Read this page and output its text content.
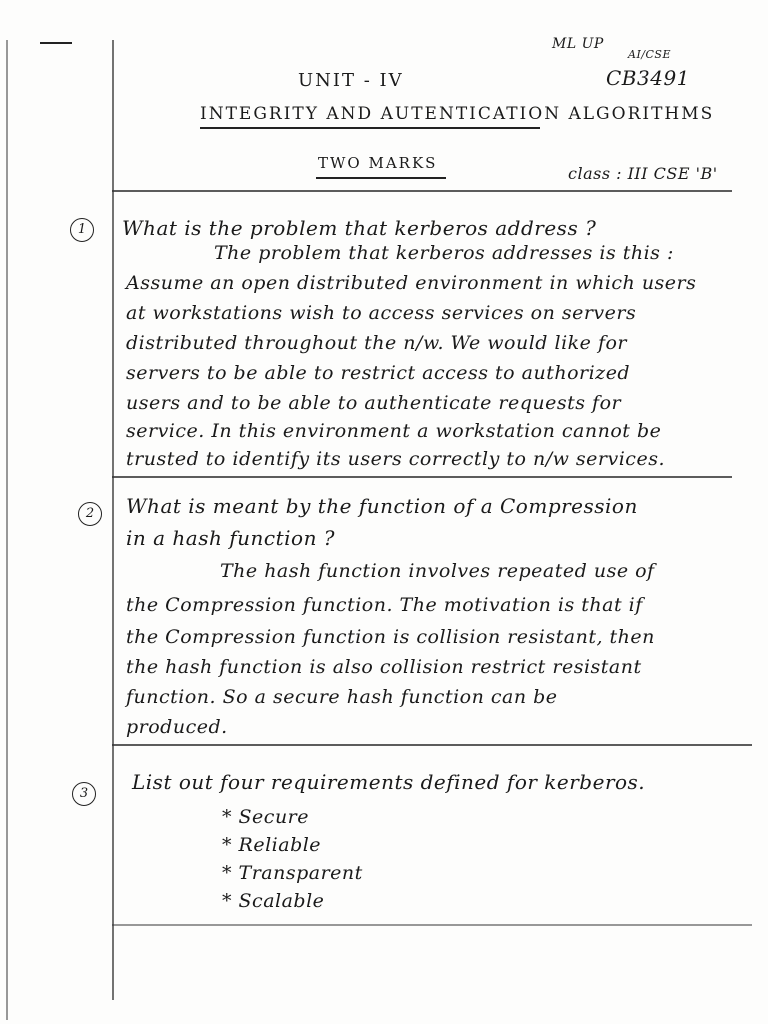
ML UP
AI/CSE
CB3491
UNIT - IV
INTEGRITY AND AUTENTICATION ALGORITHMS
TWO MARKS
class : III CSE 'B'
1	What is the problem that kerberos address ?
The problem that kerberos addresses is this :
Assume an open distributed environment in which users
at workstations wish to access services on servers
distributed throughout the n/w. We would like for
servers to be able to restrict access to authorized
users and to be able to authenticate requests for
service. In this environment a workstation cannot be
trusted to identify its users correctly to n/w services.
2	What is meant by the function of a Compression
in a hash function ?
The hash function involves repeated use of
the Compression function. The motivation is that if
the Compression function is collision resistant, then
the hash function is also collision restrict resistant
function. So a secure hash function can be
produced.
3	List out four requirements defined for kerberos.
* Secure
* Reliable
* Transparent
* Scalable
